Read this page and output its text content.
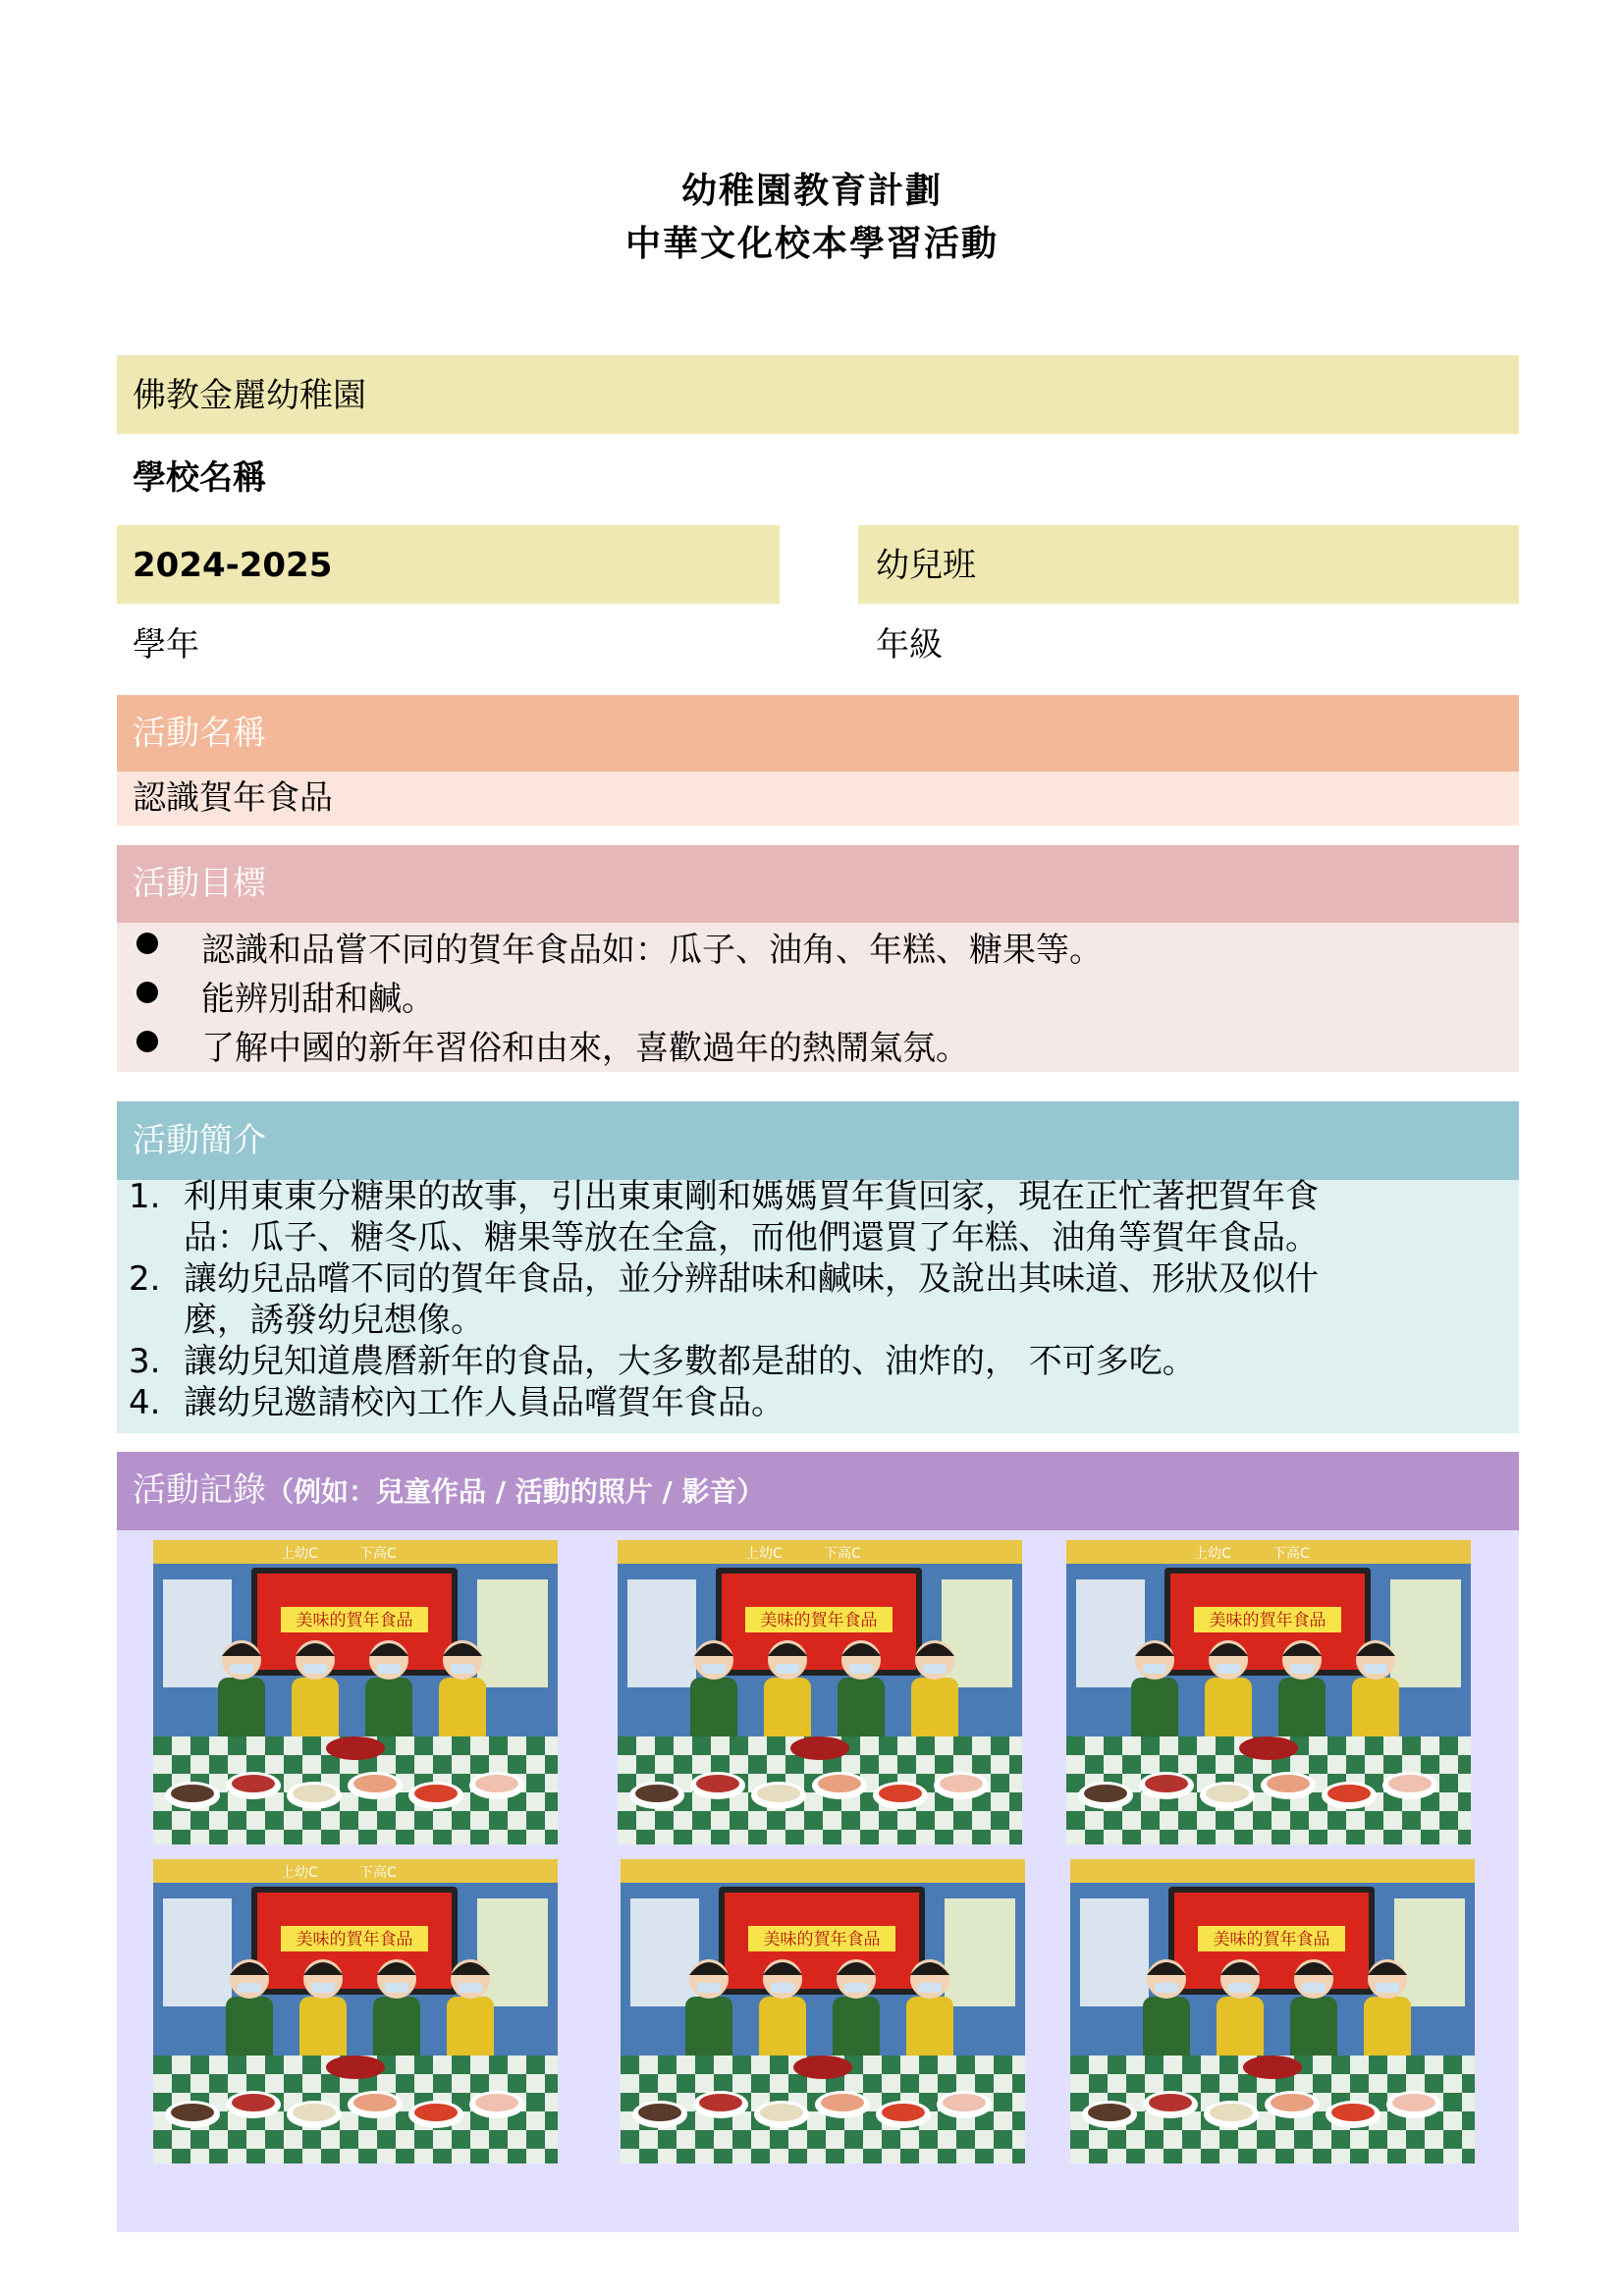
幼稚園教育計劃
中華文化校本學習活動
佛教金麗幼稚園
學校名稱
2024-2025	幼兒班
學年	年級
活動名稱
認識賀年食品
活動目標
認識和品嘗不同的賀年食品如：瓜子、油角、年糕、糖果等。
能辨別甜和鹹。
了解中國的新年習俗和由來，喜歡過年的熱鬧氣氛。
活動簡介
1. 利用東東分糖果的故事，引出東東剛和媽媽買年貨回家，現在正忙著把賀年食
品：瓜子、糖冬瓜、糖果等放在全盒，而他們還買了年糕、油角等賀年食品。
2. 讓幼兒品嚐不同的賀年食品，並分辨甜味和鹹味，及說出其味道、形狀及似什
麼，誘發幼兒想像。
3. 讓幼兒知道農曆新年的食品，大多數都是甜的、油炸的， 不可多吃。
4. 讓幼兒邀請校內工作人員品嚐賀年食品。
活動記錄（例如：兒童作品 / 活動的照片 / 影音）
上幼C	下高C
美味的賀年食品
上幼C	下高C
美味的賀年食品
上幼C	下高C
美味的賀年食品
上幼C	下高C
美味的賀年食品	美味的賀年食品	美味的賀年食品
